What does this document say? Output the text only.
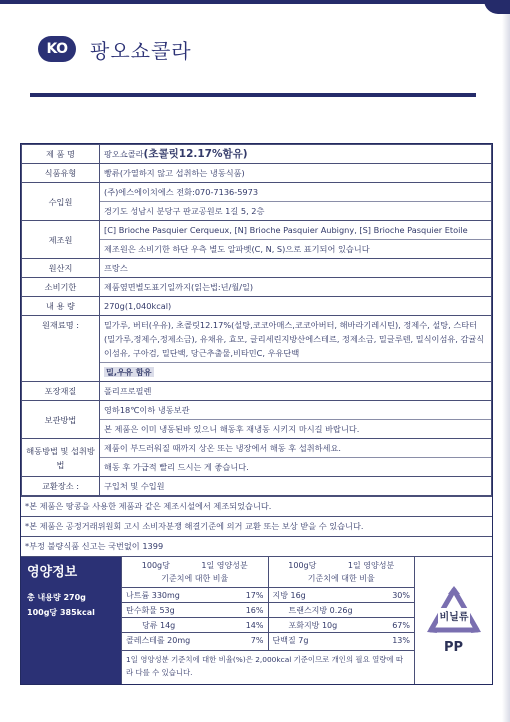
KO	팡오쇼콜라
제 품 명	팡오쇼콜라(초콜릿12.17%함유)
식품유형	빵류(가열하지 않고 섭취하는 냉동식품)
수입원	(주)에스에이치에스 전화:070-7136-5973
경기도 성남시 분당구 판교공원로 1길 5, 2층

제조원	[C] Brioche Pasquier Cerqueux, [N] Brioche Pasquier Aubigny, [S] Brioche Pasquier Etoile
제조원은 소비기한 하단 우측 별도 알파벳(C, N, S)으로 표기되어 있습니다

원산지	프랑스
소비기한	제품옆면별도표기일까지(읽는법:년/월/일)
내 용 량	270g(1,040kcal)
원재료명 :	밀가루, 버터(우유), 초콜릿12.17%(설탕,코코아매스,코코아버터, 해바라기레시틴), 정제수, 설탕, 스타터(밀가루,정제수,정제소금), 유채유, 효모, 글리세린지방산에스테르, 정제소금, 밀글루텐, 밀식이섬유, 감귤식이섬유, 구아검, 밀단백, 당근추출물,비타민C, 우유단백
밀,우유 함유

포장재질	폴리프로필렌
보관방법	영하18℃이하 냉동보관
본 제품은 이미 냉동된바 있으니 해동후 재냉동 시키지 마시길 바랍니다.

해동방법 및 섭취방법	제품이 부드러워질 때까지 상온 또는 냉장에서 해동 후 섭취하세요.
해동 후 가급적 빨리 드시는 게 좋습니다.

교환장소 :	구입처 및 수입원
*본 제품은 땅콩을 사용한 제품과 같은 제조시설에서 제조되었습니다.
*본 제품은 공정거래위원회 고시 소비자분쟁 해결기준에 의거 교환 또는 보상 받을 수 있습니다.
*부정 불량식품 신고는 국번없이 1399
영양정보
총 내용량 270g
100g당 385kcal
100g당	1일 영양성분
기준치에 대한 비율
나트륨 330mg	17%
탄수화물 53g	16%
당류 14g	14%
콜레스테롤 20mg	7%
100g당	1일 영양성분
기준치에 대한 비율
지방 16g	30%
트랜스지방 0.26g
포화지방 10g	67%
단백질 7g	13%
1일 영양성분 기준치에 대한 비율(%)은 2,000kcal 기준이므로 개인의 필요 열량에 따라 다를 수 있습니다.
비닐류
PP
